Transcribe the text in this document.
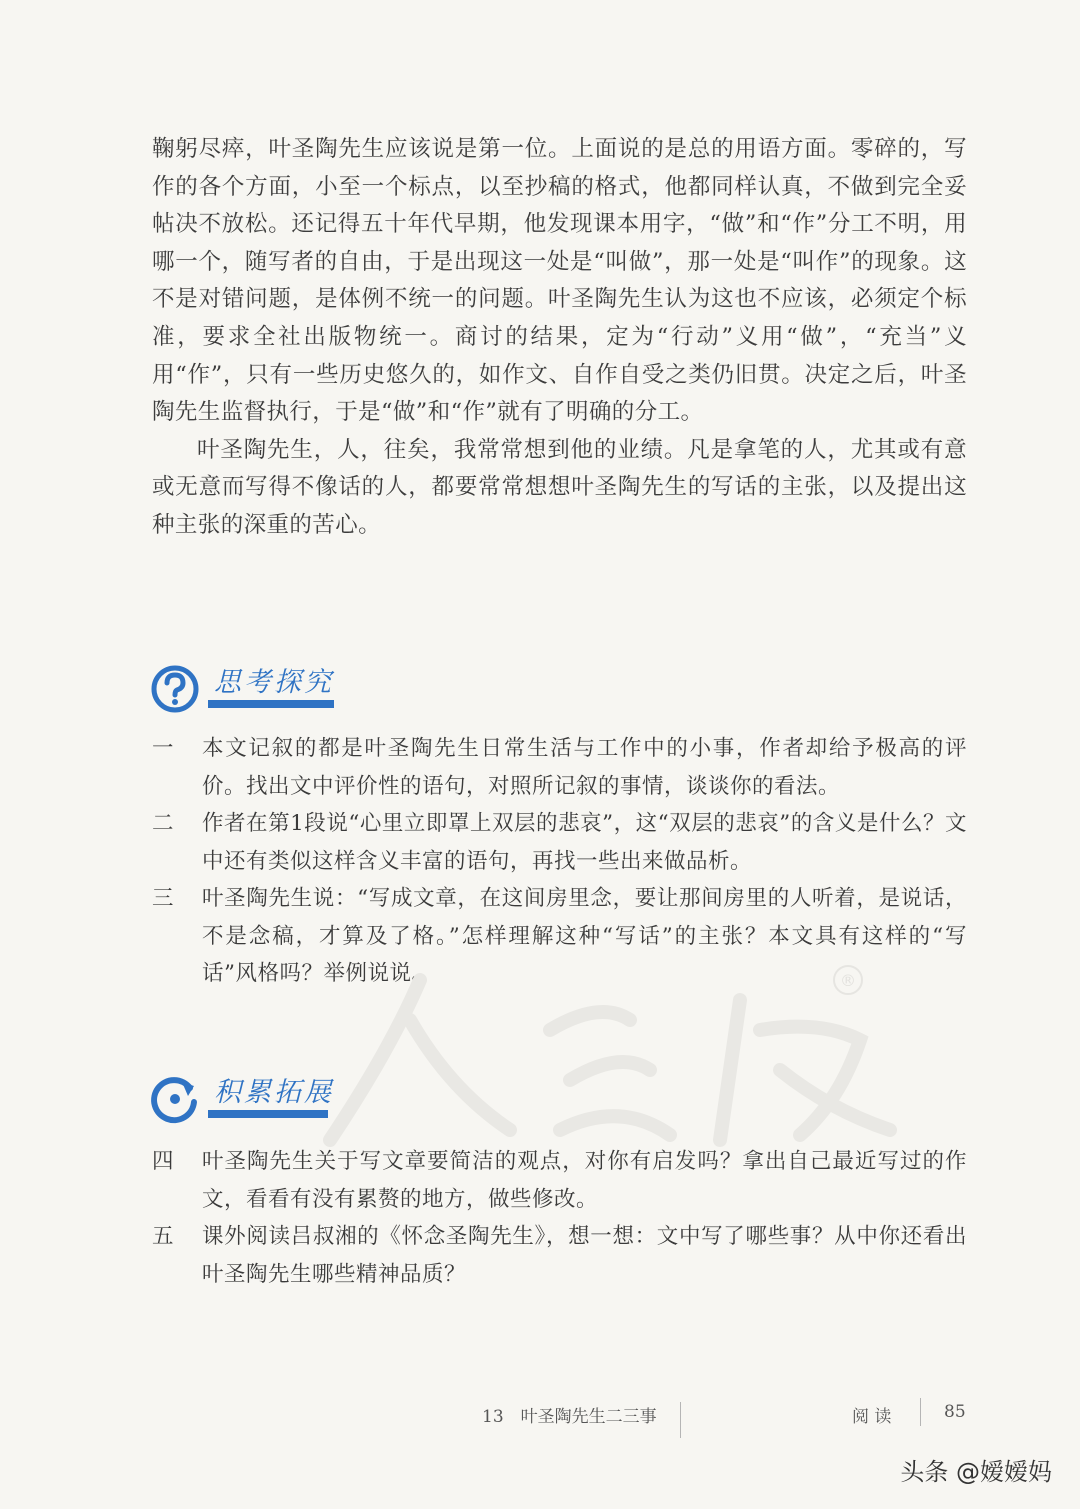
鞠躬尽瘁，叶圣陶先生应该说是第一位。上面说的是总的用语方面。零碎的，写作的各个方面，小至一个标点，以至抄稿的格式，他都同样认真，不做到完全妥帖决不放松。还记得五十年代早期，他发现课本用字，“做”和“作”分工不明，用哪一个，随写者的自由，于是出现这一处是“叫做”，那一处是“叫作”的现象。这不是对错问题，是体例不统一的问题。叶圣陶先生认为这也不应该，必须定个标准，要求全社出版物统一。商讨的结果，定为“行动”义用“做”，“充当”义用“作”，只有一些历史悠久的，如作文、自作自受之类仍旧贯。决定之后，叶圣陶先生监督执行，于是“做”和“作”就有了明确的分工。

叶圣陶先生，人，往矣，我常常想到他的业绩。凡是拿笔的人，尤其或有意或无意而写得不像话的人，都要常常想想叶圣陶先生的写话的主张，以及提出这种主张的深重的苦心。

思考探究
一	本文记叙的都是叶圣陶先生日常生活与工作中的小事，作者却给予极高的评价。找出文中评价性的语句，对照所记叙的事情，谈谈你的看法。
二	作者在第1段说“心里立即罩上双层的悲哀”，这“双层的悲哀”的含义是什么？文中还有类似这样含义丰富的语句，再找一些出来做品析。
三	叶圣陶先生说：“写成文章，在这间房里念，要让那间房里的人听着，是说话，不是念稿，才算及了格。”怎样理解这种“写话”的主张？本文具有这样的“写话”风格吗？举例说说。	®
积累拓展
四	叶圣陶先生关于写文章要简洁的观点，对你有启发吗？拿出自己最近写过的作文，看看有没有累赘的地方，做些修改。
五	课外阅读吕叔湘的《怀念圣陶先生》，想一想：文中写了哪些事？从中你还看出叶圣陶先生哪些精神品质？
13　叶圣陶先生二三事	阅 读	85
头条 @嫒嫒妈
